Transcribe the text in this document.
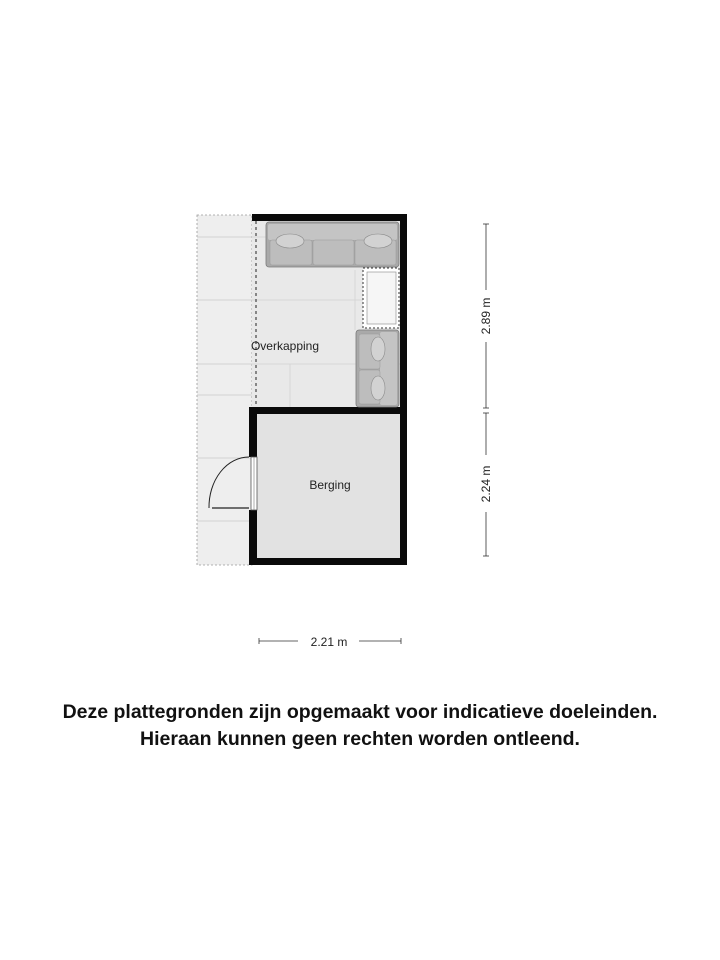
Overkapping
Berging
2.89 m
2.24 m
2.21 m
Deze plattegronden zijn opgemaakt voor indicatieve doeleinden.
Hieraan kunnen geen rechten worden ontleend.
